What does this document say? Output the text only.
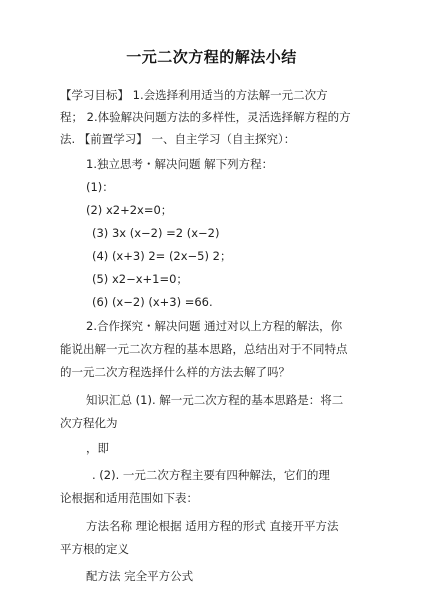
一元二次方程的解法小结
【学习目标】 1.会选择利用适当的方法解一元二次方
程； 2.体验解决问题方法的多样性，灵活选择解方程的方
法. 【前置学习】 一、自主学习（自主探究）：
1.独立思考・解决问题 解下列方程：
(1)：
(2) x2+2x=0；
(3) 3x (x−2) =2 (x−2)
(4) (x+3) 2= (2x−5) 2；
(5) x2−x+1=0；
(6) (x−2) (x+3) =66.
2.合作探究・解决问题 通过对以上方程的解法，你
能说出解一元二次方程的基本思路，总结出对于不同特点
的一元二次方程选择什么样的方法去解了吗？
知识汇总 (1). 解一元二次方程的基本思路是：将二
次方程化为
，即
. (2). 一元二次方程主要有四种解法，它们的理
论根据和适用范围如下表：
方法名称 理论根据 适用方程的形式 直接开平方法
平方根的定义
配方法 完全平方公式
